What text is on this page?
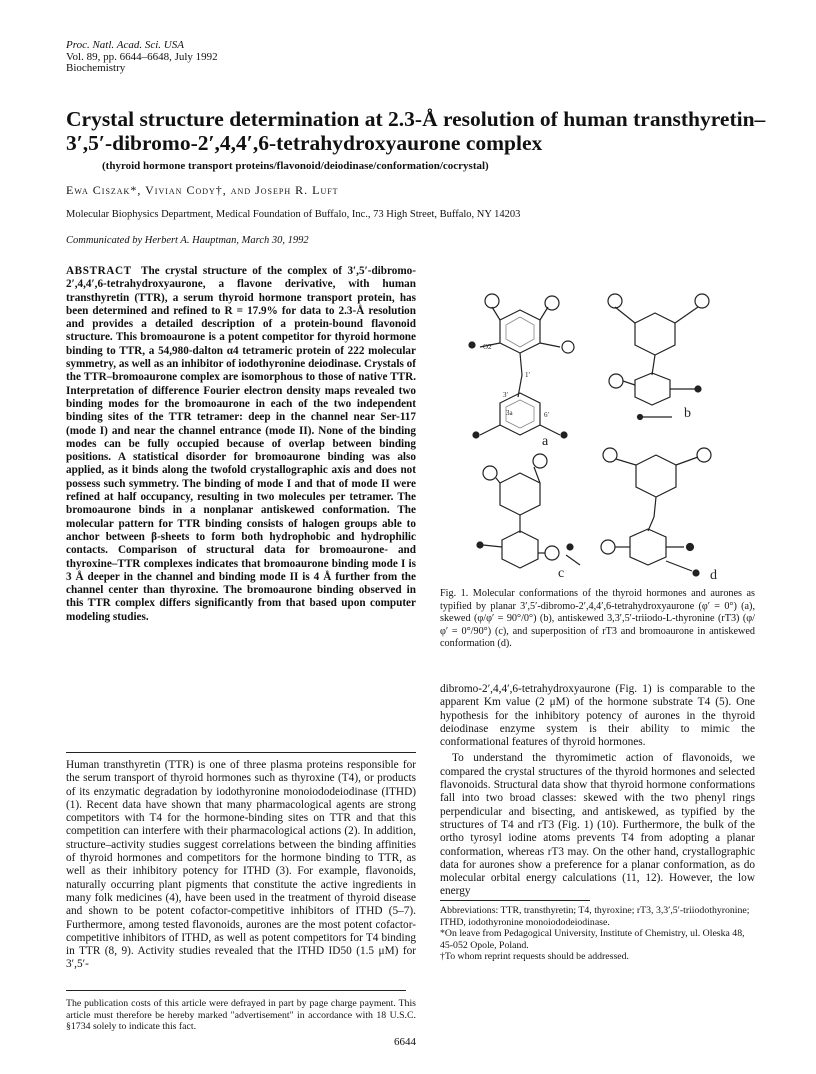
Proc. Natl. Acad. Sci. USA
Vol. 89, pp. 6644–6648, July 1992
Biochemistry
Crystal structure determination at 2.3-Å resolution of human transthyretin–3′,5′-dibromo-2′,4,4′,6-tetrahydroxyaurone complex
(thyroid hormone transport proteins/flavonoid/deiodinase/conformation/cocrystal)
Ewa Ciszak*, Vivian Cody†, and Joseph R. Luft
Molecular Biophysics Department, Medical Foundation of Buffalo, Inc., 73 High Street, Buffalo, NY 14203
Communicated by Herbert A. Hauptman, March 30, 1992
ABSTRACT The crystal structure of the complex of 3′,5′-dibromo-2′,4,4′,6-tetrahydroxyaurone, a flavone derivative, with human transthyretin (TTR), a serum thyroid hormone transport protein, has been determined and refined to R = 17.9% for data to 2.3-Å resolution and provides a detailed description of a protein-bound flavonoid structure. This bromoaurone is a potent competitor for thyroid hormone binding to TTR, a 54,980-dalton α4 tetrameric protein of 222 molecular symmetry, as well as an inhibitor of iodothyronine deiodinase. Crystals of the TTR–bromoaurone complex are isomorphous to those of native TTR. Interpretation of difference Fourier electron density maps revealed two binding modes for the bromoaurone in each of the two independent binding sites of the TTR tetramer: deep in the channel near Ser-117 (mode I) and near the channel entrance (mode II). None of the binding modes can be fully occupied because of overlap between binding positions. A statistical disorder for bromoaurone binding was also applied, as it binds along the twofold crystallographic axis and does not possess such symmetry. The binding of mode I and that of mode II were refined at half occupancy, resulting in two molecules per tetramer. The bromoaurone binds in a nonplanar antiskewed conformation. The molecular pattern for TTR binding consists of halogen groups able to anchor between β-sheets to form both hydrophobic and hydrophilic contacts. Comparison of structural data for bromoaurone- and thyroxine–TTR complexes indicates that bromoaurone binding mode I is 3 Å deeper in the channel and binding mode II is 4 Å further from the channel center than thyroxine. The bromoaurone binding observed in this TTR complex differs significantly from that based upon computer modeling studies.
Human transthyretin (TTR) is one of three plasma proteins responsible for the serum transport of thyroid hormones such as thyroxine (T4), or products of its enzymatic degradation by iodothyronine monoiododeiodinase (ITHD) (1). Recent data have shown that many pharmacological agents are strong competitors with T4 for the hormone-binding sites on TTR and that this competition can interfere with their pharmacological actions (2). In addition, structure–activity studies suggest correlations between the binding affinities of thyroid hormones and competitors for the hormone binding to TTR, as well as their inhibitory potency for ITHD (3). For example, flavonoids, naturally occurring plant pigments that constitute the active ingredients in many folk medicines (4), have been used in the treatment of thyroid disease and shown to be potent cofactor-competitive inhibitors of ITHD (5–7). Furthermore, among tested flavonoids, aurones are the most potent cofactor-competitive inhibitors of ITHD, as well as potent competitors for T4 binding in TTR (8, 9). Activity studies revealed that the ITHD ID50 (1.5 μM) for 3′,5′-
The publication costs of this article were defrayed in part by page charge payment. This article must therefore be hereby marked "advertisement" in accordance with 18 U.S.C. §1734 solely to indicate this fact.
O2′
1′
3′
3a	6′
a
b
c	d
Fig. 1. Molecular conformations of the thyroid hormones and aurones as typified by planar 3′,5′-dibromo-2′,4,4′,6-tetrahydroxyaurone (φ′ = 0°) (a), skewed (φ/φ′ = 90°/0°) (b), antiskewed 3,3′,5′-triiodo-L-thyronine (rT3) (φ/φ′ = 0°/90°) (c), and superposition of rT3 and bromoaurone in antiskewed conformation (d).

dibromo-2′,4,4′,6-tetrahydroxyaurone (Fig. 1) is comparable to the apparent Km value (2 μM) of the hormone substrate T4 (5). One hypothesis for the inhibitory potency of aurones in the thyroid deiodinase enzyme system is their ability to mimic the conformational features of thyroid hormones.

To understand the thyromimetic action of flavonoids, we compared the crystal structures of the thyroid hormones and selected flavonoids. Structural data show that thyroid hormone conformations fall into two broad classes: skewed with the two phenyl rings perpendicular and bisecting, and antiskewed, as typified by the structures of T4 and rT3 (Fig. 1) (10). Furthermore, the bulk of the ortho tyrosyl iodine atoms prevents T4 from adopting a planar conformation, whereas rT3 may. On the other hand, crystallographic data for aurones show a preference for a planar conformation, as do molecular orbital energy calculations (11, 12). However, the low energy

Abbreviations: TTR, transthyretin; T4, thyroxine; rT3, 3,3′,5′-triiodothyronine; ITHD, iodothyronine monoiododeiodinase.

*On leave from Pedagogical University, Institute of Chemistry, ul. Oleska 48, 45-052 Opole, Poland.

†To whom reprint requests should be addressed.

6644
